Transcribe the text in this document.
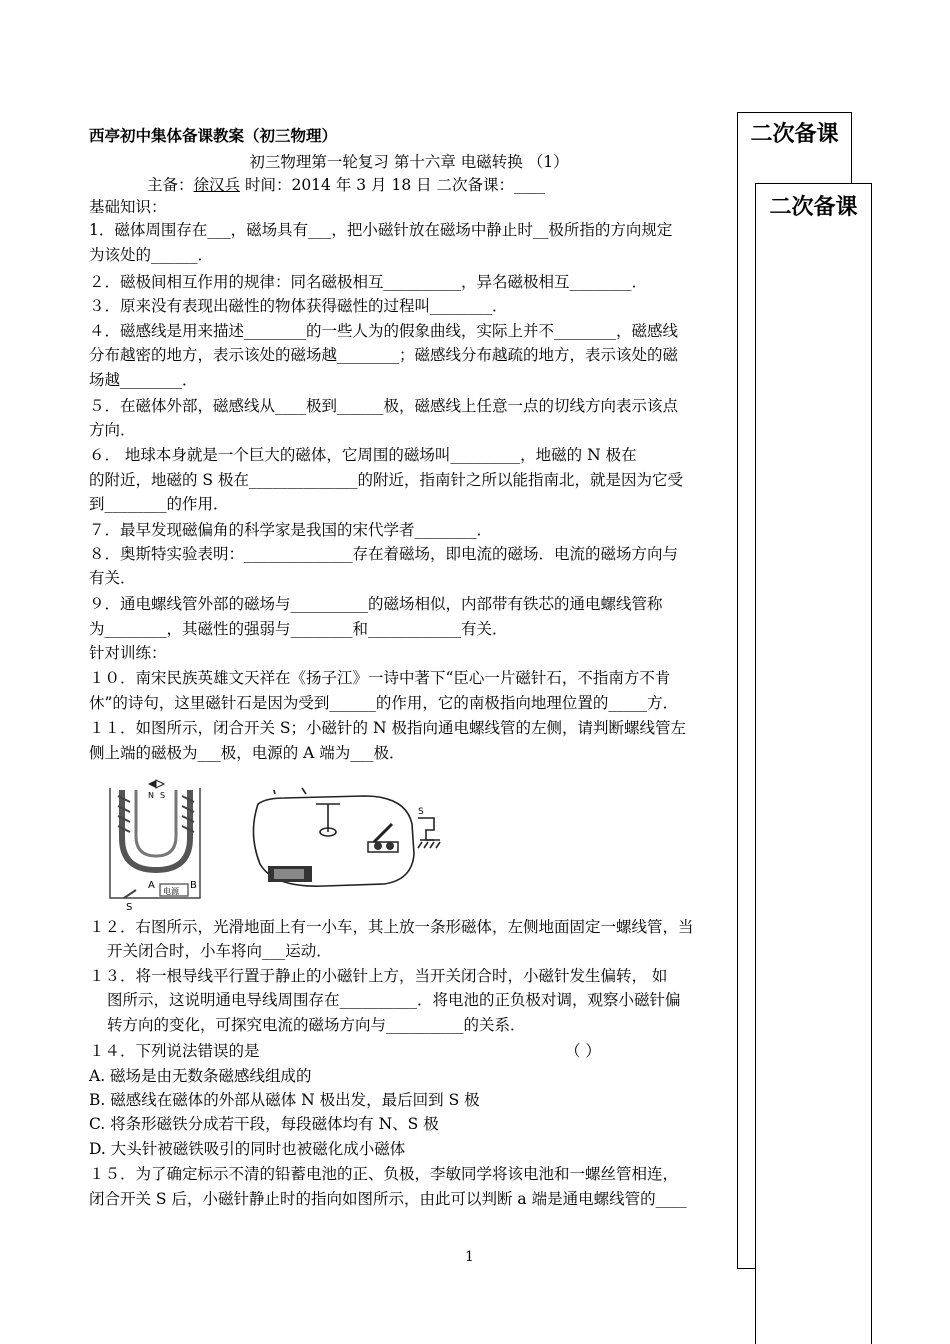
二次备课
二次备课
西亭初中集体备课教案（初三物理）
初三物理第一轮复习 第十六章 电磁转换 （1）
主备：徐汉兵 时间：2014 年 3 月 18 日 二次备课：____
基础知识：
1．磁体周围存在___，磁场具有___，把小磁针放在磁场中静止时__极所指的方向规定
为该处的______．
２．磁极间相互作用的规律：同名磁极相互__________，异名磁极相互________．
３．原来没有表现出磁性的物体获得磁性的过程叫________．
４．磁感线是用来描述________的一些人为的假象曲线，实际上并不________，磁感线
分布越密的地方，表示该处的磁场越________；磁感线分布越疏的地方，表示该处的磁
场越________．
５．在磁体外部，磁感线从____极到______极，磁感线上任意一点的切线方向表示该点
方向．
６． 地球本身就是一个巨大的磁体，它周围的磁场叫_________，地磁的 N 极在
的附近，地磁的 S 极在______________的附近，指南针之所以能指南北，就是因为它受
到________的作用．
７．最早发现磁偏角的科学家是我国的宋代学者________．
８．奥斯特实验表明：______________存在着磁场，即电流的磁场．电流的磁场方向与
有关．
９．通电螺线管外部的磁场与__________的磁场相似，内部带有铁芯的通电螺线管称
为________，其磁性的强弱与________和____________有关．
针对训练：
１０．南宋民族英雄文天祥在《扬子江》一诗中著下“臣心一片磁针石，不指南方不肯
休”的诗句，这里磁针石是因为受到______的作用，它的南极指向地理位置的_____方．
１１．如图所示，闭合开关 S；小磁针的 N 极指向通电螺线管的左侧，请判断螺线管左
侧上端的磁极为___极，电源的 A 端为___极．
１２．右图所示，光滑地面上有一小车，其上放一条形磁体，左侧地面固定一螺线管，当
开关闭合时，小车将向___运动．
１３．将一根导线平行置于静止的小磁针上方，当开关闭合时，小磁针发生偏转， 如
图所示，这说明通电导线周围存在__________．将电池的正负极对调，观察小磁针偏
转方向的变化，可探究电流的磁场方向与__________的关系．
１４．下列说法错误的是	（ ）
A. 磁场是由无数条磁感线组成的
B. 磁感线在磁体的外部从磁体 N 极出发，最后回到 S 极
C. 将条形磁铁分成若干段，每段磁体均有 N、S 极
D. 大头针被磁铁吸引的同时也被磁化成小磁体
１５．为了确定标示不清的铅蓄电池的正、负极，李敏同学将该电池和一螺丝管相连，
闭合开关 S 后，小磁针静止时的指向如图所示，由此可以判断 a 端是通电螺线管的____
N S
A	B
电源
S
S
1
